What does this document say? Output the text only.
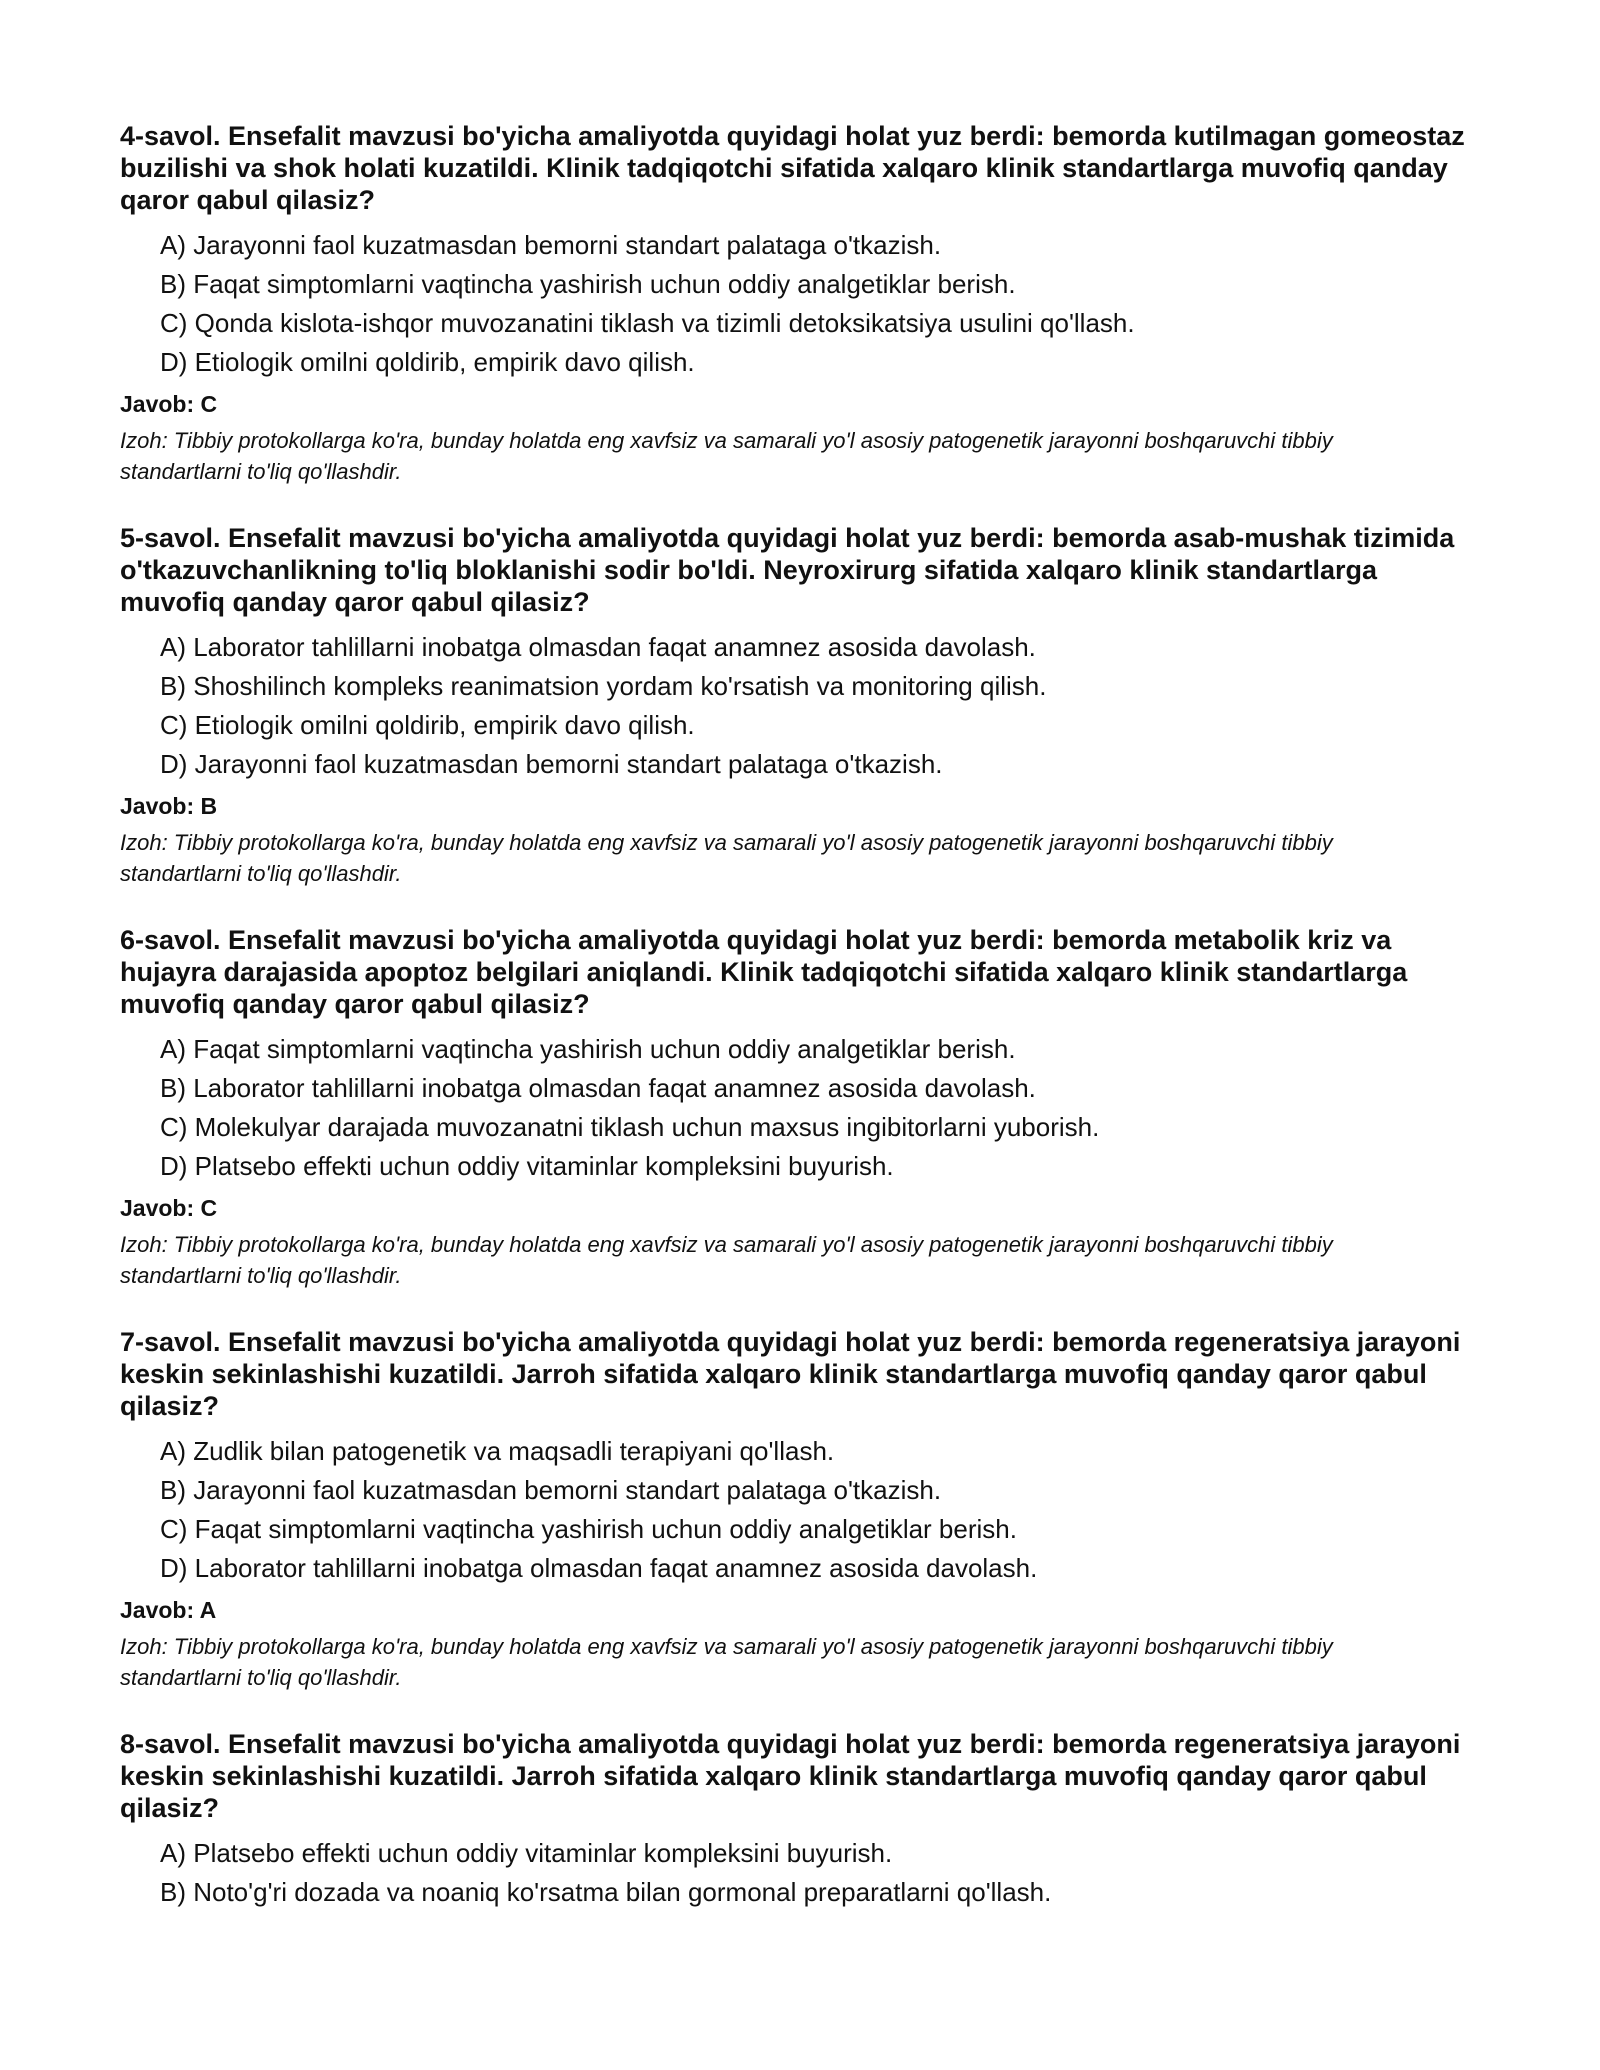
4-savol. Ensefalit mavzusi bo'yicha amaliyotda quyidagi holat yuz berdi: bemorda kutilmagan gomeostaz buzilishi va shok holati kuzatildi. Klinik tadqiqotchi sifatida xalqaro klinik standartlarga muvofiq qanday qaror qabul qilasiz?

A) Jarayonni faol kuzatmasdan bemorni standart palataga o'tkazish.
B) Faqat simptomlarni vaqtincha yashirish uchun oddiy analgetiklar berish.
C) Qonda kislota-ishqor muvozanatini tiklash va tizimli detoksikatsiya usulini qo'llash.
D) Etiologik omilni qoldirib, empirik davo qilish.

Javob: C

Izoh: Tibbiy protokollarga ko'ra, bunday holatda eng xavfsiz va samarali yo'l asosiy patogenetik jarayonni boshqaruvchi tibbiy standartlarni to'liq qo'llashdir.

5-savol. Ensefalit mavzusi bo'yicha amaliyotda quyidagi holat yuz berdi: bemorda asab-mushak tizimida o'tkazuvchanlikning to'liq bloklanishi sodir bo'ldi. Neyroxirurg sifatida xalqaro klinik standartlarga muvofiq qanday qaror qabul qilasiz?

A) Laborator tahlillarni inobatga olmasdan faqat anamnez asosida davolash.
B) Shoshilinch kompleks reanimatsion yordam ko'rsatish va monitoring qilish.
C) Etiologik omilni qoldirib, empirik davo qilish.
D) Jarayonni faol kuzatmasdan bemorni standart palataga o'tkazish.

Javob: B

Izoh: Tibbiy protokollarga ko'ra, bunday holatda eng xavfsiz va samarali yo'l asosiy patogenetik jarayonni boshqaruvchi tibbiy standartlarni to'liq qo'llashdir.

6-savol. Ensefalit mavzusi bo'yicha amaliyotda quyidagi holat yuz berdi: bemorda metabolik kriz va hujayra darajasida apoptoz belgilari aniqlandi. Klinik tadqiqotchi sifatida xalqaro klinik standartlarga muvofiq qanday qaror qabul qilasiz?

A) Faqat simptomlarni vaqtincha yashirish uchun oddiy analgetiklar berish.
B) Laborator tahlillarni inobatga olmasdan faqat anamnez asosida davolash.
C) Molekulyar darajada muvozanatni tiklash uchun maxsus ingibitorlarni yuborish.
D) Platsebo effekti uchun oddiy vitaminlar kompleksini buyurish.

Javob: C

Izoh: Tibbiy protokollarga ko'ra, bunday holatda eng xavfsiz va samarali yo'l asosiy patogenetik jarayonni boshqaruvchi tibbiy standartlarni to'liq qo'llashdir.

7-savol. Ensefalit mavzusi bo'yicha amaliyotda quyidagi holat yuz berdi: bemorda regeneratsiya jarayoni keskin sekinlashishi kuzatildi. Jarroh sifatida xalqaro klinik standartlarga muvofiq qanday qaror qabul qilasiz?

A) Zudlik bilan patogenetik va maqsadli terapiyani qo'llash.
B) Jarayonni faol kuzatmasdan bemorni standart palataga o'tkazish.
C) Faqat simptomlarni vaqtincha yashirish uchun oddiy analgetiklar berish.
D) Laborator tahlillarni inobatga olmasdan faqat anamnez asosida davolash.

Javob: A

Izoh: Tibbiy protokollarga ko'ra, bunday holatda eng xavfsiz va samarali yo'l asosiy patogenetik jarayonni boshqaruvchi tibbiy standartlarni to'liq qo'llashdir.

8-savol. Ensefalit mavzusi bo'yicha amaliyotda quyidagi holat yuz berdi: bemorda regeneratsiya jarayoni keskin sekinlashishi kuzatildi. Jarroh sifatida xalqaro klinik standartlarga muvofiq qanday qaror qabul qilasiz?

A) Platsebo effekti uchun oddiy vitaminlar kompleksini buyurish.
B) Noto'g'ri dozada va noaniq ko'rsatma bilan gormonal preparatlarni qo'llash.
